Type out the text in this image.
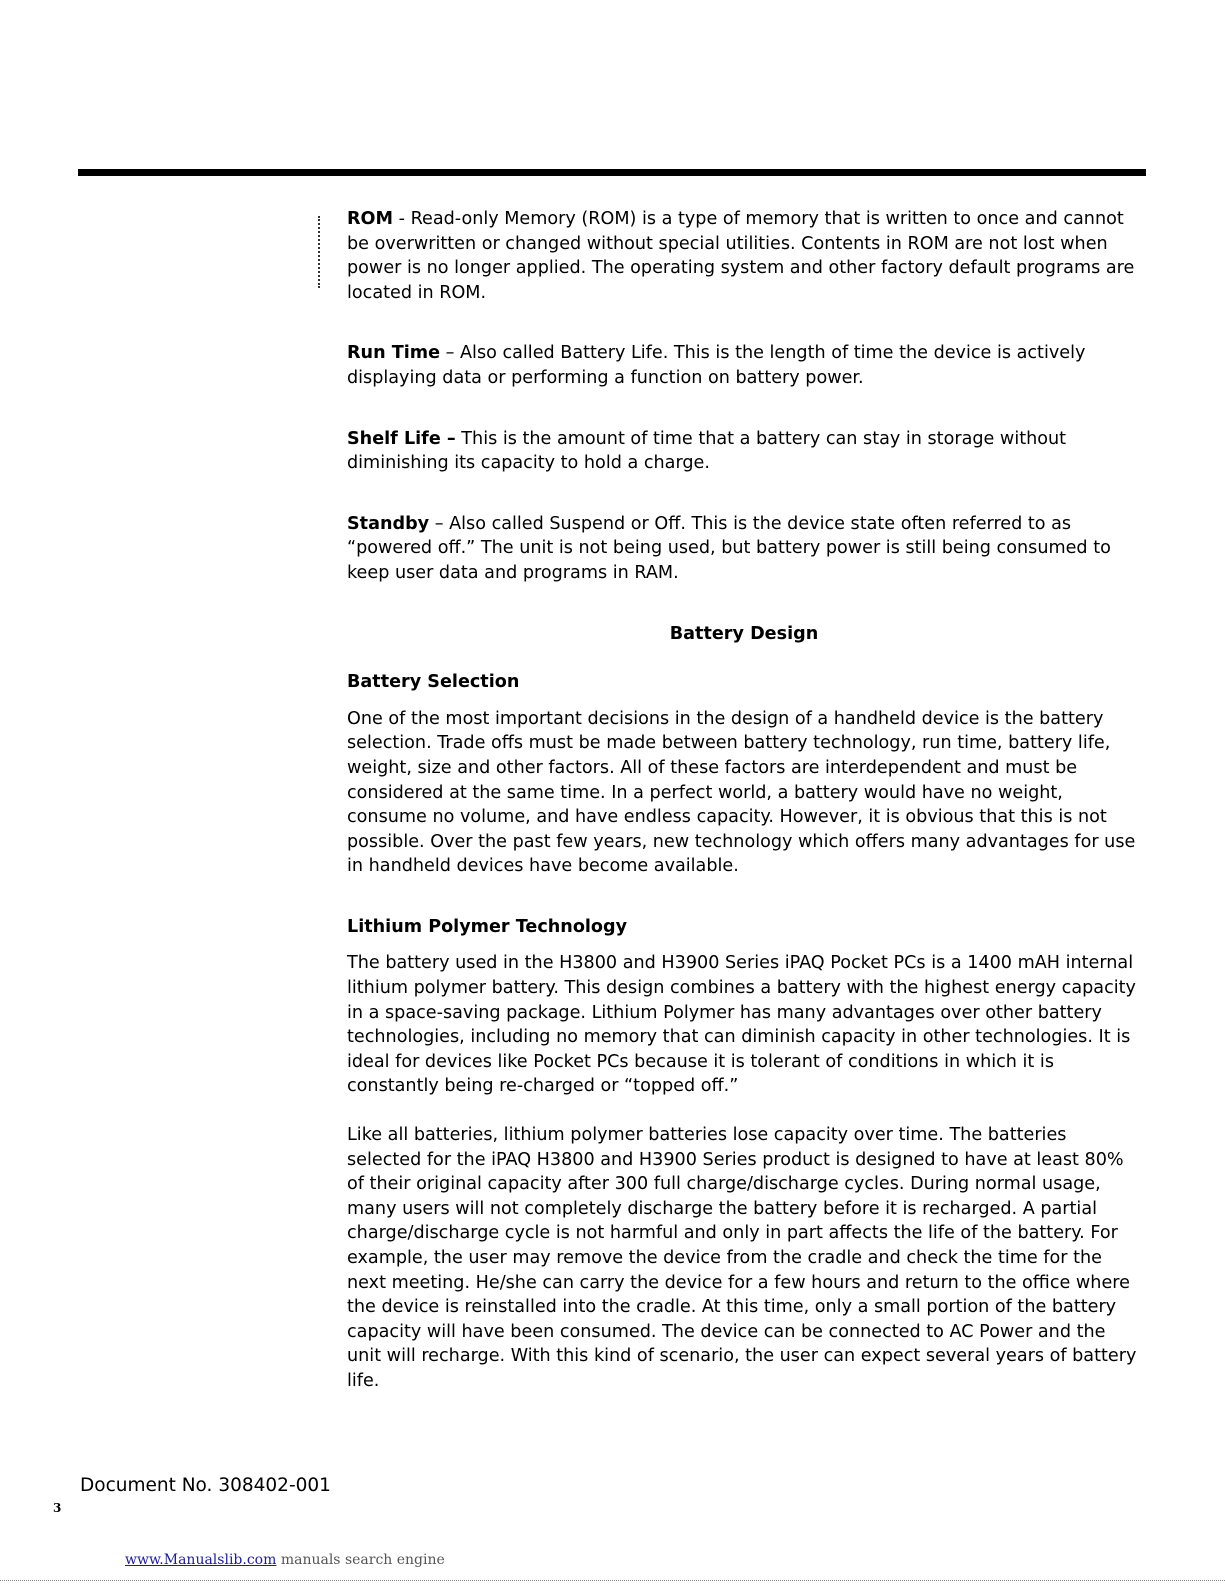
ROM - Read-only Memory (ROM) is a type of memory that is written to once and cannot be overwritten or changed without special utilities. Contents in ROM are not lost when power is no longer applied. The operating system and other factory default programs are located in ROM.

Run Time – Also called Battery Life. This is the length of time the device is actively displaying data or performing a function on battery power.

Shelf Life – This is the amount of time that a battery can stay in storage without diminishing its capacity to hold a charge.

Standby – Also called Suspend or Off. This is the device state often referred to as “powered off.” The unit is not being used, but battery power is still being consumed to keep user data and programs in RAM.

Battery Design

Battery Selection

One of the most important decisions in the design of a handheld device is the battery selection. Trade offs must be made between battery technology, run time, battery life, weight, size and other factors. All of these factors are interdependent and must be considered at the same time. In a perfect world, a battery would have no weight, consume no volume, and have endless capacity. However, it is obvious that this is not possible. Over the past few years, new technology which offers many advantages for use in handheld devices have become available.

Lithium Polymer Technology

The battery used in the H3800 and H3900 Series iPAQ Pocket PCs is a 1400 mAH internal lithium polymer battery. This design combines a battery with the highest energy capacity in a space-saving package. Lithium Polymer has many advantages over other battery technologies, including no memory that can diminish capacity in other technologies. It is ideal for devices like Pocket PCs because it is tolerant of conditions in which it is constantly being re-charged or “topped off.”

Like all batteries, lithium polymer batteries lose capacity over time. The batteries selected for the iPAQ H3800 and H3900 Series product is designed to have at least 80% of their original capacity after 300 full charge/discharge cycles. During normal usage, many users will not completely discharge the battery before it is recharged. A partial charge/discharge cycle is not harmful and only in part affects the life of the battery. For example, the user may remove the device from the cradle and check the time for the next meeting. He/she can carry the device for a few hours and return to the office where the device is reinstalled into the cradle. At this time, only a small portion of the battery capacity will have been consumed. The device can be connected to AC Power and the unit will recharge. With this kind of scenario, the user can expect several years of battery life.

Document No. 308402-001
3
www.Manualslib.com manuals search engine
